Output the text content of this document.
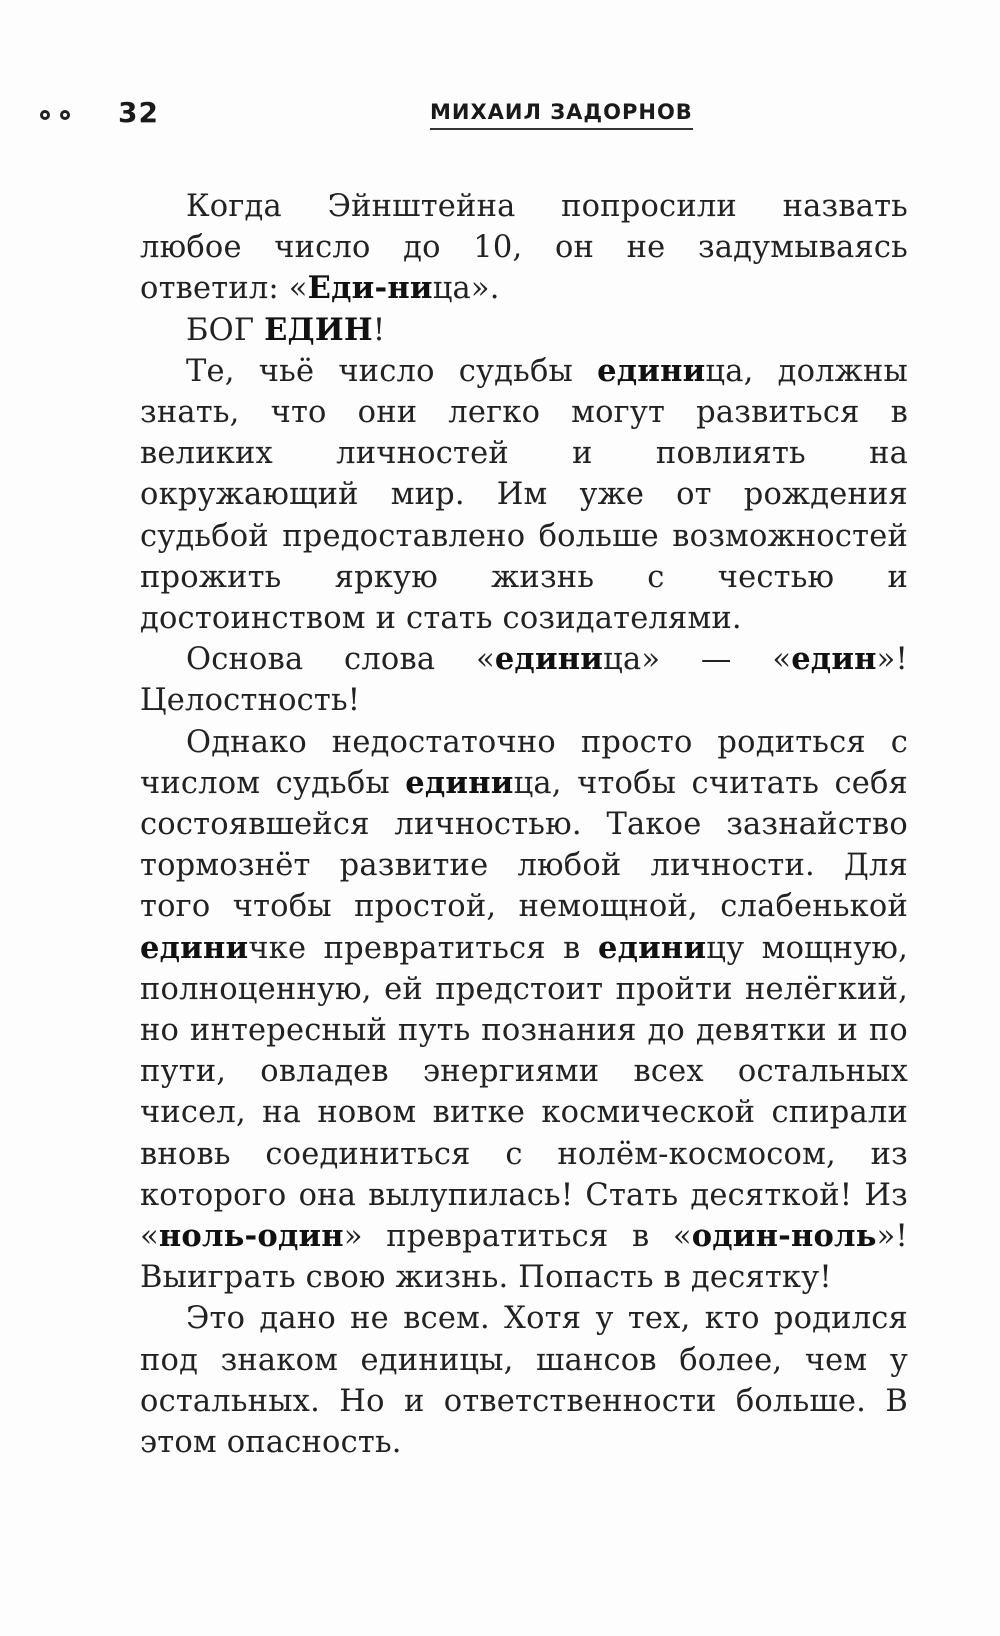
32	МИХАИЛ ЗАДОРНОВ

Когда Эйнштейна попросили назвать любое число до 10, он не задумываясь ответил: «Еди-ница».

БОГ ЕДИН!

Те, чьё число судьбы единица, должны знать, что они легко могут развиться в великих личностей и повлиять на окружающий мир. Им уже от рождения судьбой предоставлено больше возможностей прожить яркую жизнь с честью и достоинством и стать созидателями.

Основа слова «единица» — «един»! Целостность!

Однако недостаточно просто родиться с числом судьбы единица, чтобы считать себя состоявшейся личностью. Такое зазнайство тормознёт развитие любой личности. Для того чтобы простой, немощной, слабенькой единичке превратиться в единицу мощную, полноценную, ей предстоит пройти нелёгкий, но интересный путь познания до девятки и по пути, овладев энергиями всех остальных чисел, на новом витке космической спирали вновь соединиться с нолём-космосом, из которого она вылупилась! Стать десяткой! Из «ноль-один» превратиться в «один-ноль»! Выиграть свою жизнь. Попасть в десятку!

Это дано не всем. Хотя у тех, кто родился под знаком единицы, шансов более, чем у остальных. Но и ответственности больше. В этом опасность.
